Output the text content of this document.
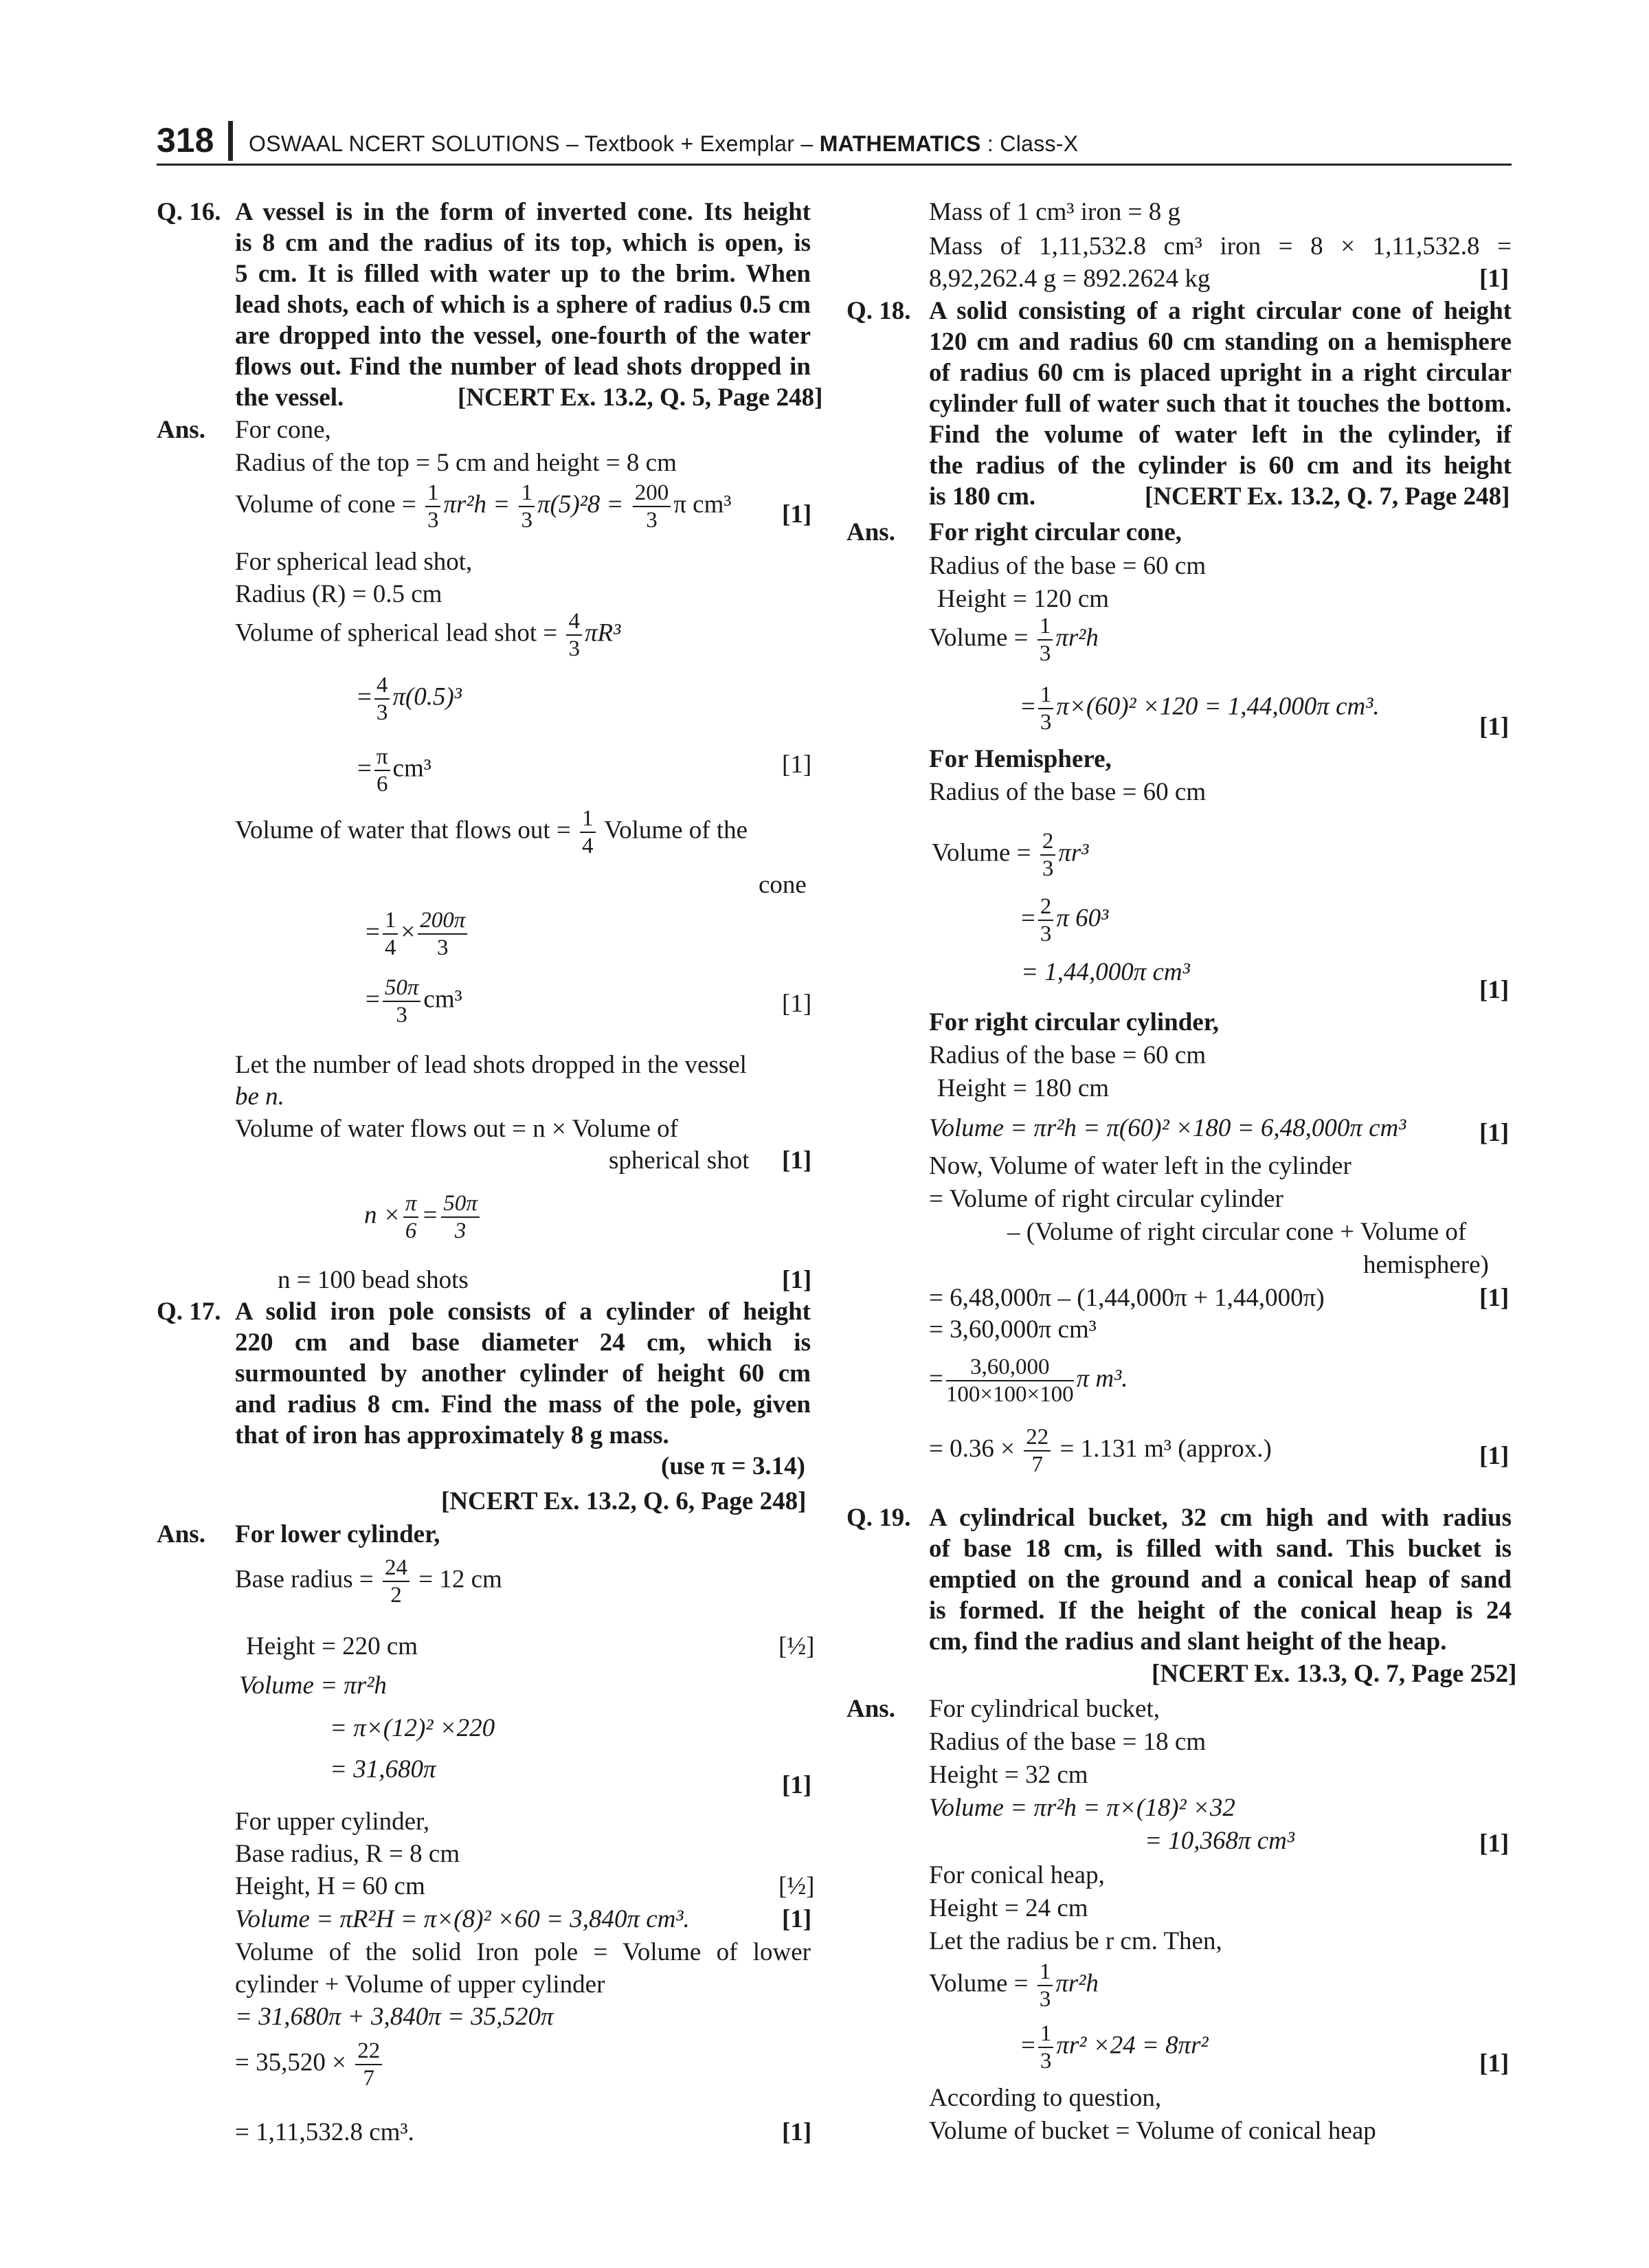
318 OSWAAL NCERT SOLUTIONS – Textbook + Exemplar – MATHEMATICS : Class-X
Q. 16. A vessel is in the form of inverted cone. Its height
is 8 cm and the radius of its top, which is open, is
5 cm. It is filled with water up to the brim. When
lead shots, each of which is a sphere of radius 0.5 cm
are dropped into the vessel, one-fourth of the water
flows out. Find the number of lead shots dropped in
the vessel.	[NCERT Ex. 13.2, Q. 5, Page 248]
Ans. For cone,
Radius of the top = 5 cm and height = 8 cm
Volume of cone = $\frac{1}{3} \pi r^2h = \frac{1}{3} \pi(5)^28 = \frac{200}{3}$ π cm³ [1]
For spherical lead shot,
Radius (R) = 0.5 cm
Volume of spherical lead shot = $\frac{4}{3} \pi R^3$
= $\frac{4}{3} \pi(0.5)^3$
= $\frac{\pi}{6} cm^3$	[1]
Volume of water that flows out = $\frac{1}{4}$ Volume of the
cone
= $\frac{1}{4} \times \frac{200\pi}{3}$
= $\frac{50\pi}{3} cm^3$	[1]
Let the number of lead shots dropped in the vessel
be n.
Volume of water flows out = n × Volume of
spherical shot [1]
$n \times \frac{\pi}{6} = \frac{50\pi}{3}$
n = 100 bead shots	[1]
Q. 17. A solid iron pole consists of a cylinder of height
220 cm and base diameter 24 cm, which is
surmounted by another cylinder of height 60 cm
and radius 8 cm. Find the mass of the pole, given
that of iron has approximately 8 g mass.
(use π = 3.14)
[NCERT Ex. 13.2, Q. 6, Page 248]
Ans. For lower cylinder,
Base radius = $\frac{24}{2} = 12$ cm
Height = 220 cm	[½]
Volume = πr²h
= π×(12)² ×220
= 31,680π
[1]
For upper cylinder,
Base radius, R = 8 cm
Height, H = 60 cm	[½]
Volume = πR²H = π×(8)² ×60 = 3,840π cm³.	[1]
Volume of the solid Iron pole = Volume of lower
cylinder + Volume of upper cylinder
= 31,680π + 3,840π = 35,520π
= $35,520 \times \frac{22}{7}$
= 1,11,532.8 cm³.	[1]
Mass of 1 cm³ iron = 8 g
Mass of 1,11,532.8 cm³ iron = 8 × 1,11,532.8 =
8,92,262.4 g = 892.2624 kg	[1]
Q. 18. A solid consisting of a right circular cone of height
120 cm and radius 60 cm standing on a hemisphere
of radius 60 cm is placed upright in a right circular
cylinder full of water such that it touches the bottom.
Find the volume of water left in the cylinder, if
the radius of the cylinder is 60 cm and its height
is 180 cm.	[NCERT Ex. 13.2, Q. 7, Page 248]
Ans. For right circular cone,
Radius of the base = 60 cm
Height = 120 cm
Volume = $\frac{1}{3} \pi r^2h$
= $\frac{1}{3} \pi\times(60)^2 \times 120 = 1,44,000\pi$ cm³.
[1]
For Hemisphere,
Radius of the base = 60 cm
Volume = $\frac{2}{3} \pi r^3$
= $\frac{2}{3}$ π 60³
= 1,44,000π cm³
[1]
For right circular cylinder,
Radius of the base = 60 cm
Height = 180 cm
Volume = πr²h = π(60)² ×180 = 6,48,000π cm³	[1]
Now, Volume of water left in the cylinder
= Volume of right circular cylinder
– (Volume of right circular cone + Volume of
hemisphere)
= 6,48,000π – (1,44,000π + 1,44,000π)	[1]
= 3,60,000π cm³
= $\frac{3,60,000}{100\times 100\times 100}$ π m³.
= $0.36 \times \frac{22}{7} = 1.131$ m³ (approx.)	[1]
Q. 19. A cylindrical bucket, 32 cm high and with radius
of base 18 cm, is filled with sand. This bucket is
emptied on the ground and a conical heap of sand
is formed. If the height of the conical heap is 24
cm, find the radius and slant height of the heap.
[NCERT Ex. 13.3, Q. 7, Page 252]
Ans. For cylindrical bucket,
Radius of the base = 18 cm
Height = 32 cm
Volume = πr²h = π×(18)² ×32
= 10,368π cm³	[1]
For conical heap,
Height = 24 cm
Let the radius be r cm. Then,
Volume = $\frac{1}{3} \pi r^2h$
= $\frac{1}{3} \pi r^2 \times 24 = 8\pi r^2$
[1]
According to question,
Volume of bucket = Volume of conical heap
